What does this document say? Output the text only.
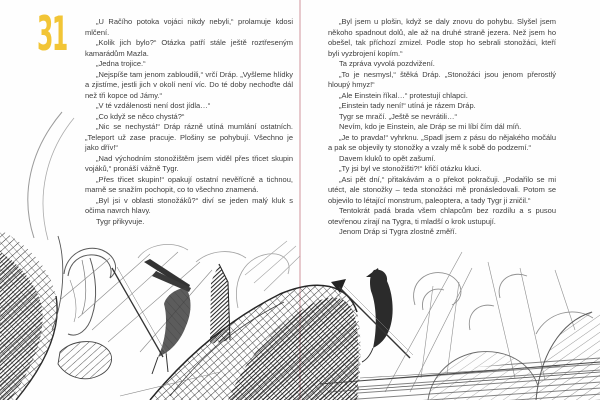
31	„U Račího potoka vojáci nikdy nebyli,“ prolamuje kdosi mlčení.

„Kolik jich bylo?“ Otázka patří stále ještě roztřeseným kamarádům Mazla.

„Jedna trojice.“

„Nejspíše tam jenom zabloudili,“ vrčí Dráp. „Vyšleme hlídky a zjistíme, jestli jich v okolí není víc. Do té doby nechoďte dál než tři kopce od Jámy.“

„V té vzdálenosti není dost jídla…“

„Co když se něco chystá?“

„Nic se nechystá!“ Dráp rázně utíná mumlání ostatních. „Teleport už zase pracuje. Plošiny se pohybují. Všechno je jako dřív!“

„Nad východním stonožištěm jsem viděl přes třicet skupin vojáků,“ pronáší vážně Tygr.

„Přes třicet skupin!“ opakují ostatní nevěřícně a tichnou, marně se snažím pochopit, co to všechno znamená.

„Byl jsi v oblasti stonožáků?“ diví se jeden malý kluk s očima navrch hlavy.

Tygr přikyvuje.

„Byl jsem u plošin, když se daly znovu do pohybu. Slyšel jsem někoho spadnout dolů, ale až na druhé straně jezera. Než jsem ho obešel, tak příchozí zmizel. Podle stop ho sebrali stonožáci, kteří byli vyzbrojení kopím.“

Ta zpráva vyvolá pozdvižení.

„To je nesmysl,“ štěká Dráp. „Stonožáci jsou jenom přerostlý hloupý hmyz!“

„Ale Einstein říkal…“ protestují chlapci.

„Einstein tady není!“ utíná je rázem Dráp.

Tygr se mračí. „Ještě se nevrátili…“

Nevím, kdo je Einstein, ale Dráp se mi líbí čím dál míň.

„Je to pravda!“ vyhrknu. „Spadl jsem z pásu do nějakého močálu a pak se objevily ty stonožky a vzaly mě k sobě do podzemí.“

Davem kluků to opět zašumí.

„Ty jsi byl ve stonožišti?!“ křičí otázku kluci.

„Asi pět dní,“ přitakávám a o překot pokračuji. „Podařilo se mi utéct, ale stonožky – teda stonožáci mě pronásledovali. Potom se objevilo to létající monstrum, paleoptera, a tady Tygr ji zničil.“

Tentokrát padá brada všem chlapcům bez rozdílu a s pusou otevřenou zírají na Tygra, ti mladší o krok ustupují.

Jenom Dráp si Tygra zlostně změří.
